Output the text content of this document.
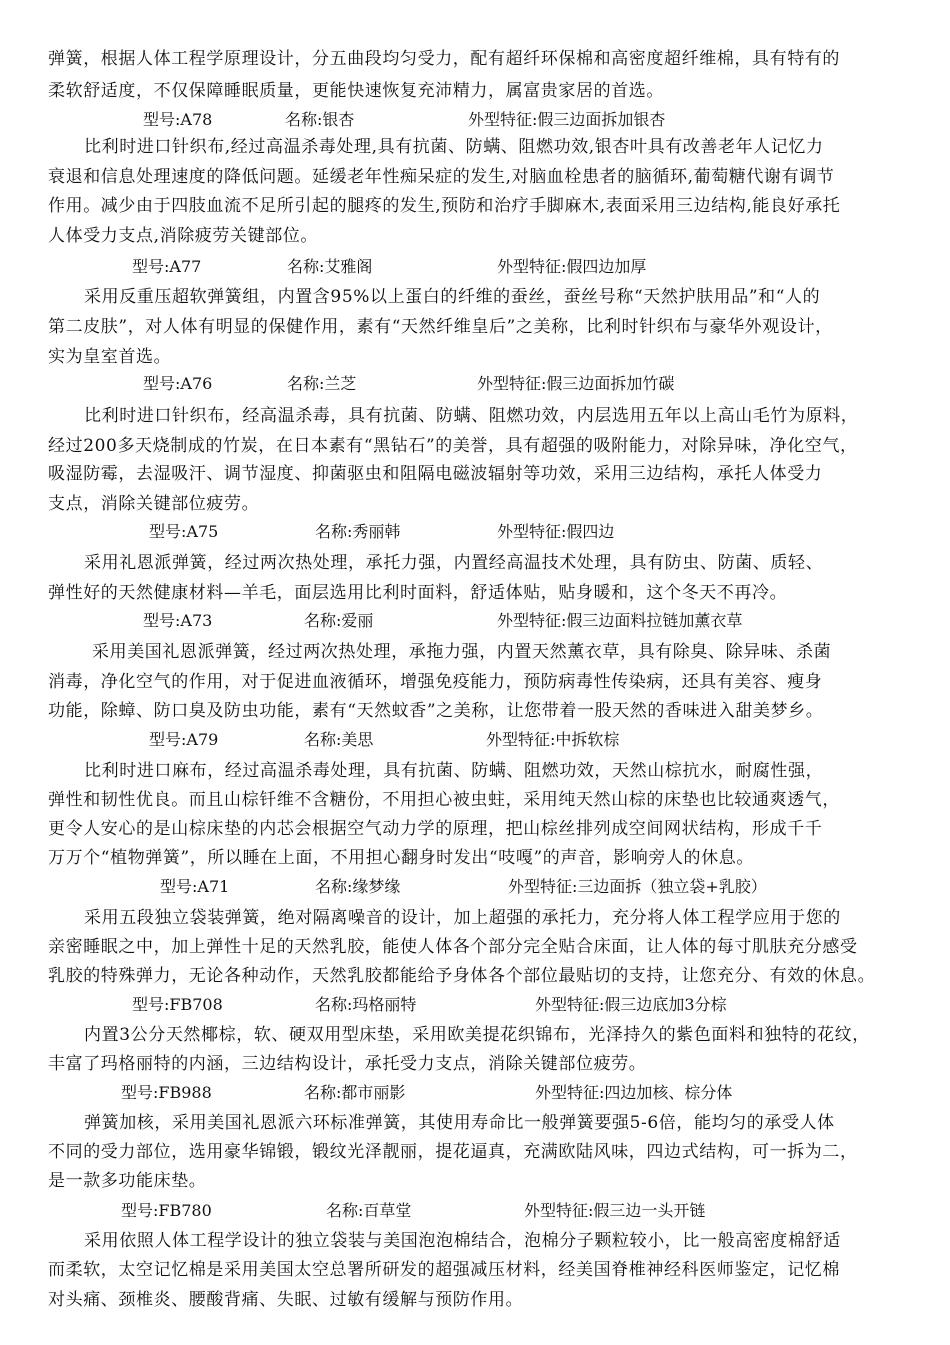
弹簧，根据人体工程学原理设计，分五曲段均匀受力，配有超纤环保棉和高密度超纤维棉，具有特有的
柔软舒适度，不仅保障睡眠质量，更能快速恢复充沛精力，属富贵家居的首选。
型号:A78	名称:银杏	外型特征:假三边面拆加银杏
比利时进口针织布,经过高温杀毒处理,具有抗菌、防螨、阻燃功效,银杏叶具有改善老年人记忆力
衰退和信息处理速度的降低问题。延缓老年性痴呆症的发生,对脑血栓患者的脑循环,葡萄糖代谢有调节
作用。减少由于四肢血流不足所引起的腿疼的发生,预防和治疗手脚麻木,表面采用三边结构,能良好承托
人体受力支点,消除疲劳关键部位。
型号:A77	名称:艾雅阁	外型特征:假四边加厚
采用反重压超软弹簧组，内置含95%以上蛋白的纤维的蚕丝，蚕丝号称“天然护肤用品”和“人的
第二皮肤”，对人体有明显的保健作用，素有“天然纤维皇后”之美称，比利时针织布与豪华外观设计，
实为皇室首选。
型号:A76	名称:兰芝	外型特征:假三边面拆加竹碳
比利时进口针织布，经高温杀毒，具有抗菌、防螨、阻燃功效，内层选用五年以上高山毛竹为原料，
经过200多天烧制成的竹炭，在日本素有“黑钻石”的美誉，具有超强的吸附能力，对除异味，净化空气，
吸湿防霉，去湿吸汗、调节湿度、抑菌驱虫和阻隔电磁波辐射等功效，采用三边结构，承托人体受力
支点，消除关键部位疲劳。
型号:A75	名称:秀丽韩	外型特征:假四边
采用礼恩派弹簧，经过两次热处理，承托力强，内置经高温技术处理，具有防虫、防菌、质轻、
弹性好的天然健康材料—羊毛，面层选用比利时面料，舒适体贴，贴身暖和，这个冬天不再冷。
型号:A73	名称:爱丽	外型特征:假三边面料拉链加薰衣草
采用美国礼恩派弹簧，经过两次热处理，承拖力强，内置天然薰衣草，具有除臭、除异味、杀菌
消毒，净化空气的作用，对于促进血液循环，增强免疫能力，预防病毒性传染病，还具有美容、瘦身
功能，除蟑、防口臭及防虫功能，素有“天然蚊香”之美称，让您带着一股天然的香味进入甜美梦乡。
型号:A79	名称:美思	外型特征:中拆软棕
比利时进口麻布，经过高温杀毒处理，具有抗菌、防螨、阻燃功效，天然山棕抗水，耐腐性强，
弹性和韧性优良。而且山棕钎维不含糖份，不用担心被虫蛀，采用纯天然山棕的床垫也比较通爽透气，
更令人安心的是山棕床垫的内芯会根据空气动力学的原理，把山棕丝排列成空间网状结构，形成千千
万万个“植物弹簧”，所以睡在上面，不用担心翻身时发出“吱嘎”的声音，影响旁人的休息。
型号:A71	名称:缘梦缘	外型特征:三边面拆（独立袋+乳胶）
采用五段独立袋装弹簧，绝对隔离噪音的设计，加上超强的承托力，充分将人体工程学应用于您的
亲密睡眠之中，加上弹性十足的天然乳胶，能使人体各个部分完全贴合床面，让人体的每寸肌肤充分感受
乳胶的特殊弹力，无论各种动作，天然乳胶都能给予身体各个部位最贴切的支持，让您充分、有效的休息。
型号:FB708	名称:玛格丽特	外型特征:假三边底加3分棕
内置3公分天然椰棕，软、硬双用型床垫，采用欧美提花织锦布，光泽持久的紫色面料和独特的花纹，
丰富了玛格丽特的内涵，三边结构设计，承托受力支点，消除关键部位疲劳。
型号:FB988	名称:都市丽影	外型特征:四边加核、棕分体
弹簧加核，采用美国礼恩派六环标准弹簧，其使用寿命比一般弹簧要强5-6倍，能均匀的承受人体
不同的受力部位，选用豪华锦锻，锻纹光泽靓丽，提花逼真，充满欧陆风味，四边式结构，可一拆为二，
是一款多功能床垫。
型号:FB780	名称:百草堂	外型特征:假三边一头开链
采用依照人体工程学设计的独立袋装与美国泡泡棉结合，泡棉分子颗粒较小，比一般高密度棉舒适
而柔软，太空记忆棉是采用美国太空总署所研发的超强减压材料，经美国脊椎神经科医师鉴定，记忆棉
对头痛、颈椎炎、腰酸背痛、失眠、过敏有缓解与预防作用。
